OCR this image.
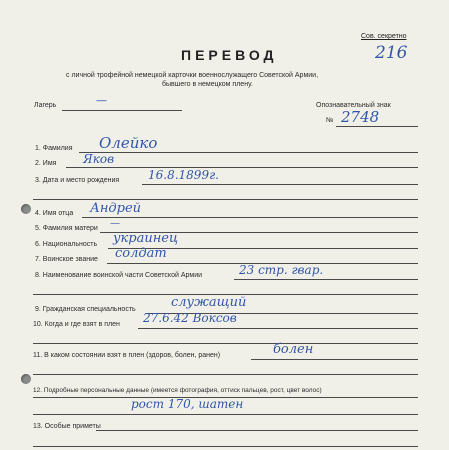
Сов. секретно
216
ПЕРЕВОД
с личной трофейной немецкой карточки военнослужащего Советской Армии,
бывшего в немецком плену.
Лагерь	—	Опознавательный знак
№ 2748
1. Фамилия Олейко
2. Имя Яков
3. Дата и место рождения 16.8.1899г.
4. Имя отца Андрей
5. Фамилия матери —
6. Национальность украинец
7. Воинское звание солдат
8. Наименование воинской части Советской Армии	23 стр. гвар.
9. Гражданская специальность	служащий
10. Когда и где взят в плен 27.6.42 Воксов
11. В каком состоянии взят в плен (здоров, болен, ранен)	болен
12. Подробные персональные данные (имеется фотография, оттиск пальцев, рост, цвет волос)
рост 170, шатен
13. Особые приметы
